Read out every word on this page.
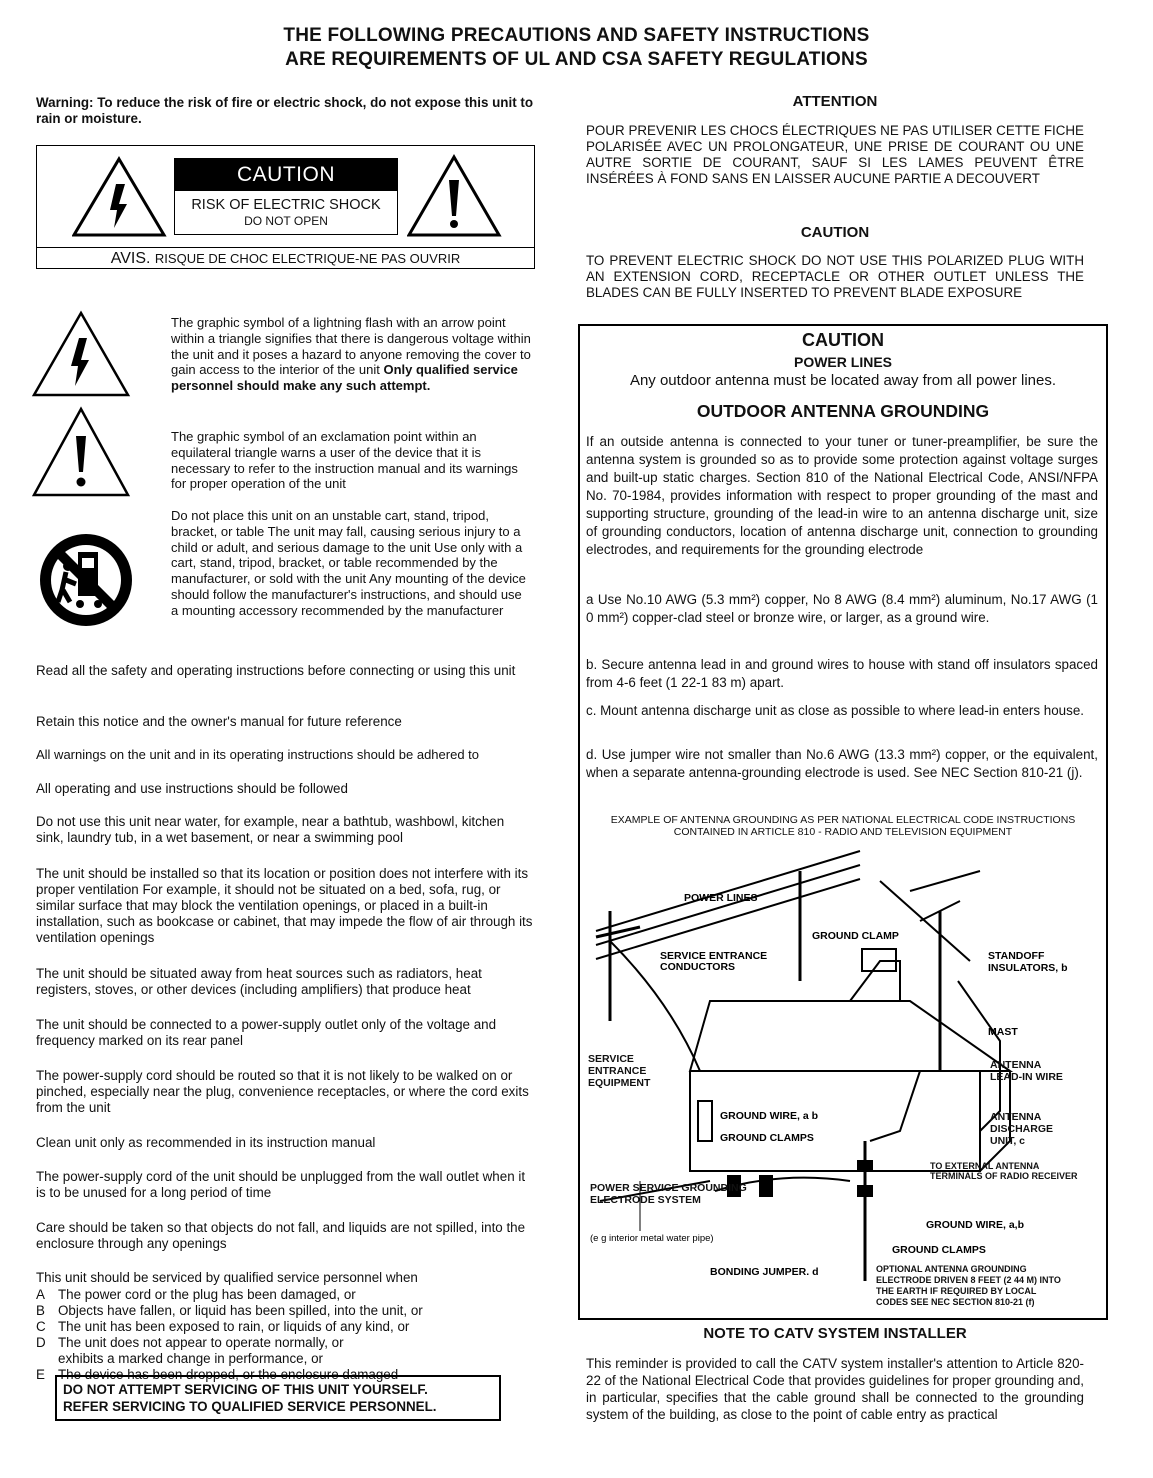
THE FOLLOWING PRECAUTIONS AND SAFETY INSTRUCTIONS
ARE REQUIREMENTS OF UL AND CSA SAFETY REGULATIONS
Warning: To reduce the risk of fire or electric shock, do not expose this unit to rain or moisture.
CAUTION
RISK OF ELECTRIC SHOCK
DO NOT OPEN
AVIS. RISQUE DE CHOC ELECTRIQUE-NE PAS OUVRIR
The graphic symbol of a lightning flash with an arrow point within a triangle signifies that there is dangerous voltage within the unit and it poses a hazard to anyone removing the cover to gain access to the interior of the unit Only qualified service personnel should make any such attempt.
The graphic symbol of an exclamation point within an equilateral triangle warns a user of the device that it is necessary to refer to the instruction manual and its warnings for proper operation of the unit
Do not place this unit on an unstable cart, stand, tripod, bracket, or table The unit may fall, causing serious injury to a child or adult, and serious damage to the unit Use only with a cart, stand, tripod, bracket, or table recommended by the manufacturer, or sold with the unit Any mounting of the device should follow the manufacturer's instructions, and should use a mounting accessory recommended by the manufacturer
Read all the safety and operating instructions before connecting or using this unit
Retain this notice and the owner's manual for future reference
All warnings on the unit and in its operating instructions should be adhered to
All operating and use instructions should be followed
Do not use this unit near water, for example, near a bathtub, washbowl, kitchen sink, laundry tub, in a wet basement, or near a swimming pool
The unit should be installed so that its location or position does not interfere with its proper ventilation For example, it should not be situated on a bed, sofa, rug, or similar surface that may block the ventilation openings, or placed in a built-in installation, such as bookcase or cabinet, that may impede the flow of air through its ventilation openings
The unit should be situated away from heat sources such as radiators, heat registers, stoves, or other devices (including amplifiers) that produce heat
The unit should be connected to a power-supply outlet only of the voltage and frequency marked on its rear panel
The power-supply cord should be routed so that it is not likely to be walked on or pinched, especially near the plug, convenience receptacles, or where the cord exits from the unit
Clean unit only as recommended in its instruction manual
The power-supply cord of the unit should be unplugged from the wall outlet when it is to be unused for a long period of time
Care should be taken so that objects do not fall, and liquids are not spilled, into the enclosure through any openings
This unit should be serviced by qualified service personnel when
A The power cord or the plug has been damaged, or
B Objects have fallen, or liquid has been spilled, into the unit, or
C The unit has been exposed to rain, or liquids of any kind, or
D The unit does not appear to operate normally, or exhibits a marked change in performance, or
E The device has been dropped, or the enclosure damaged
DO NOT ATTEMPT SERVICING OF THIS UNIT YOURSELF.
REFER SERVICING TO QUALIFIED SERVICE PERSONNEL.
ATTENTION
POUR PREVENIR LES CHOCS ÉLECTRIQUES NE PAS UTILISER CETTE FICHE POLARISÉE AVEC UN PROLONGATEUR, UNE PRISE DE COURANT OU UNE AUTRE SORTIE DE COURANT, SAUF SI LES LAMES PEUVENT ÊTRE INSÉRÉES À FOND SANS EN LAISSER AUCUNE PARTIE A DECOUVERT
CAUTION
TO PREVENT ELECTRIC SHOCK DO NOT USE THIS POLARIZED PLUG WITH AN EXTENSION CORD, RECEPTACLE OR OTHER OUTLET UNLESS THE BLADES CAN BE FULLY INSERTED TO PREVENT BLADE EXPOSURE
CAUTION
POWER LINES
Any outdoor antenna must be located away from all power lines.
OUTDOOR ANTENNA GROUNDING
If an outside antenna is connected to your tuner or tuner-preamplifier, be sure the antenna system is grounded so as to provide some protection against voltage surges and built-up static charges. Section 810 of the National Electrical Code, ANSI/NFPA No. 70-1984, provides information with respect to proper grounding of the mast and supporting structure, grounding of the lead-in wire to an antenna discharge unit, size of grounding conductors, location of antenna discharge unit, connection to grounding electrodes, and requirements for the grounding electrode
a Use No.10 AWG (5.3 mm²) copper, No 8 AWG (8.4 mm²) aluminum, No.17 AWG (1 0 mm²) copper-clad steel or bronze wire, or larger, as a ground wire.
b. Secure antenna lead in and ground wires to house with stand off insulators spaced from 4-6 feet (1 22-1 83 m) apart.
c. Mount antenna discharge unit as close as possible to where lead-in enters house.
d. Use jumper wire not smaller than No.6 AWG (13.3 mm²) copper, or the equivalent, when a separate antenna-grounding electrode is used. See NEC Section 810-21 (j).
EXAMPLE OF ANTENNA GROUNDING AS PER NATIONAL ELECTRICAL CODE INSTRUCTIONS
CONTAINED IN ARTICLE 810 - RADIO AND TELEVISION EQUIPMENT
POWER LINES
GROUND CLAMP
SERVICE ENTRANCE
CONDUCTORS
STANDOFF
INSULATORS, b
MAST
GROUND WIRE, a b
GROUND CLAMPS
GROUND WIRE, a,b
GROUND CLAMPS
BONDING JUMPER. d
(e g interior metal water pipe)
SERVICE
ENTRANCE
EQUIPMENT
ANTENNA
LEAD-IN WIRE
ANTENNA
DISCHARGE
UNIT, c
TO EXTERNAL ANTENNA
TERMINALS OF RADIO RECEIVER
POWER SERVICE GROUNDING
ELECTRODE SYSTEM
OPTIONAL ANTENNA GROUNDING
ELECTRODE DRIVEN 8 FEET (2 44 M) INTO
THE EARTH IF REQUIRED BY LOCAL
CODES SEE NEC SECTION 810-21 (f)
NOTE TO CATV SYSTEM INSTALLER
This reminder is provided to call the CATV system installer's attention to Article 820-22 of the National Electrical Code that provides guidelines for proper grounding and, in particular, specifies that the cable ground shall be connected to the grounding system of the building, as close to the point of cable entry as practical
